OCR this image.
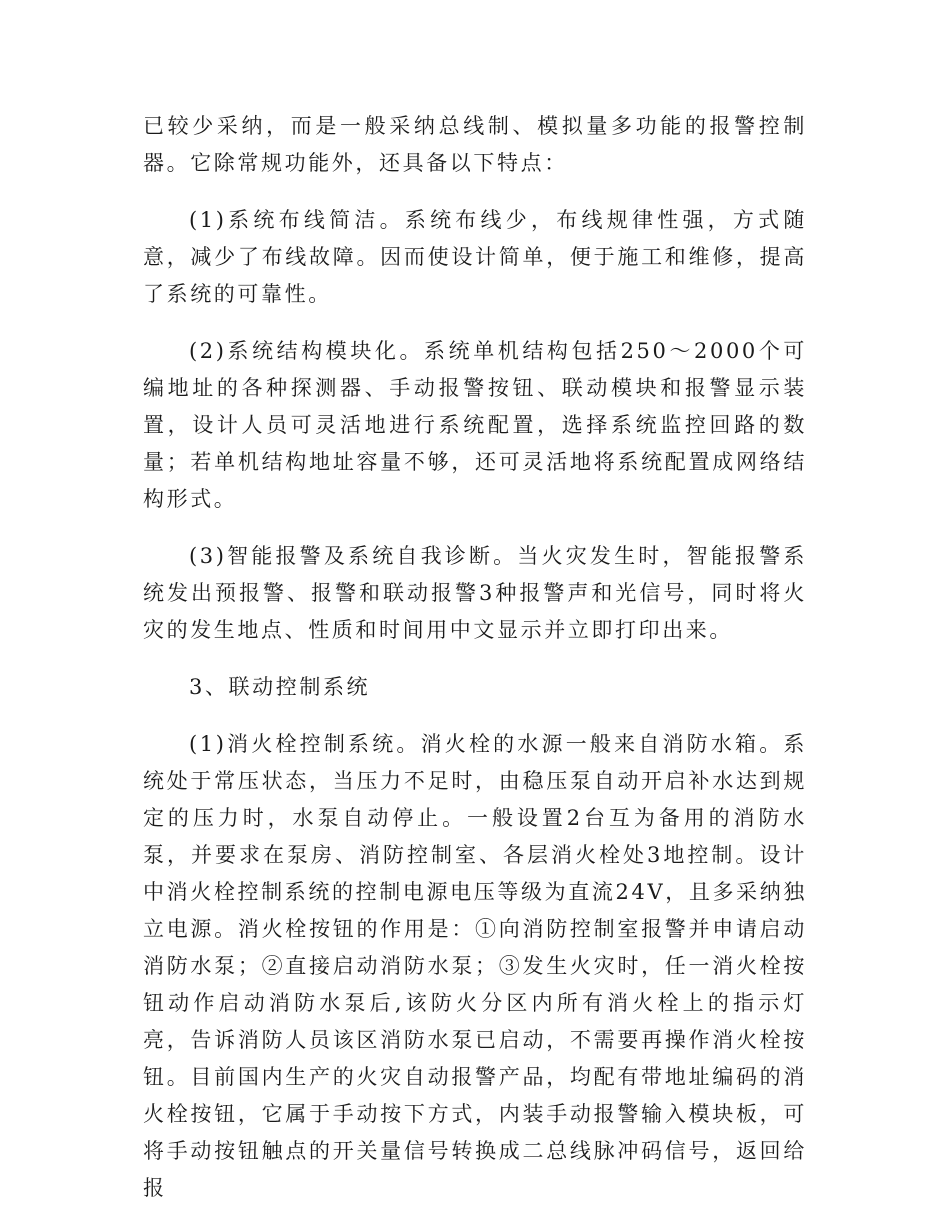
已较少采纳，而是一般采纳总线制、模拟量多功能的报警控制器。它除常规功能外，还具备以下特点：

(1)系统布线简洁。系统布线少，布线规律性强，方式随意，减少了布线故障。因而使设计简单，便于施工和维修，提高了系统的可靠性。

(2)系统结构模块化。系统单机结构包括250～2000个可编地址的各种探测器、手动报警按钮、联动模块和报警显示装置，设计人员可灵活地进行系统配置，选择系统监控回路的数量；若单机结构地址容量不够，还可灵活地将系统配置成网络结构形式。

(3)智能报警及系统自我诊断。当火灾发生时，智能报警系统发出预报警、报警和联动报警3种报警声和光信号，同时将火灾的发生地点、性质和时间用中文显示并立即打印出来。

3、联动控制系统

(1)消火栓控制系统。消火栓的水源一般来自消防水箱。系统处于常压状态，当压力不足时，由稳压泵自动开启补水达到规定的压力时，水泵自动停止。一般设置2台互为备用的消防水泵，并要求在泵房、消防控制室、各层消火栓处3地控制。设计中消火栓控制系统的控制电源电压等级为直流24V，且多采纳独立电源。消火栓按钮的作用是：①向消防控制室报警并申请启动消防水泵；②直接启动消防水泵；③发生火灾时，任一消火栓按钮动作启动消防水泵后,该防火分区内所有消火栓上的指示灯亮，告诉消防人员该区消防水泵已启动，不需要再操作消火栓按钮。目前国内生产的火灾自动报警产品，均配有带地址编码的消火栓按钮，它属于手动按下方式，内装手动报警输入模块板，可将手动按钮触点的开关量信号转换成二总线脉冲码信号，返回给报
